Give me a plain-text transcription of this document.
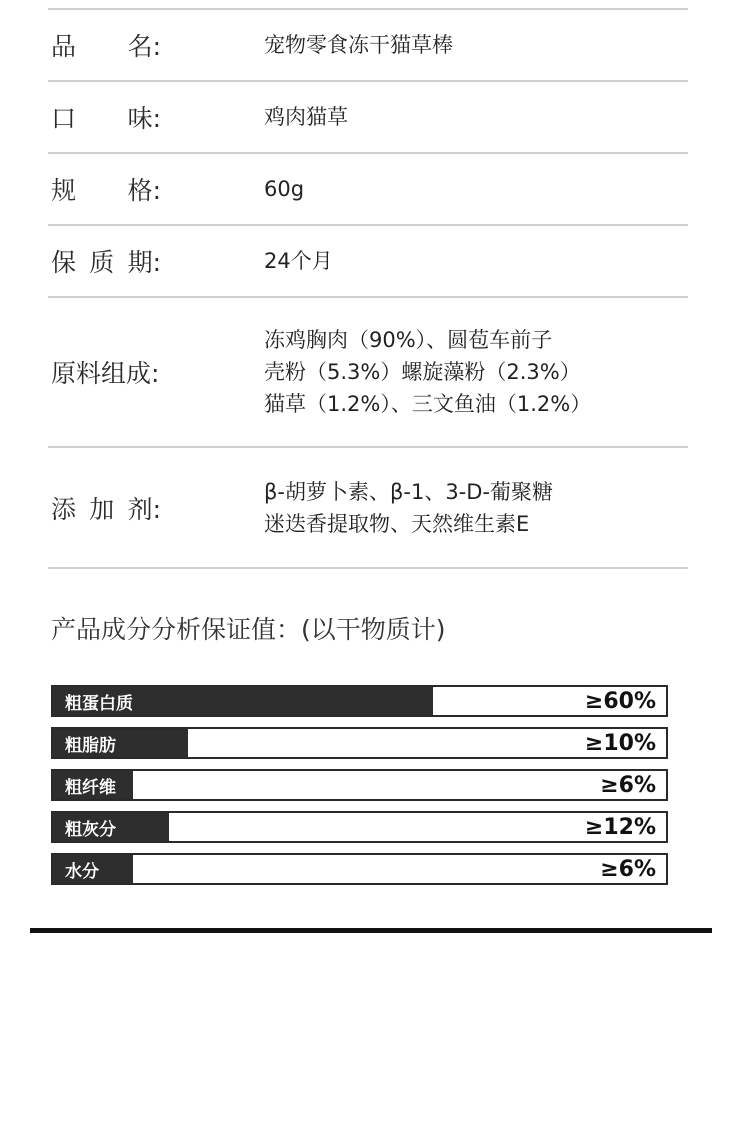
品 名:	宠物零食冻干猫草棒
口 味:	鸡肉猫草
规 格:	60g
保 质 期:	24个月
原料组成:
冻鸡胸肉（90%）、圆苞车前子
壳粉（5.3%）螺旋藻粉（2.3%）
猫草（1.2%）、三文鱼油（1.2%）
添 加 剂:
β-胡萝卜素、β-1、3-D-葡聚糖
迷迭香提取物、天然维生素E
产品成分分析保证值：(以干物质计)
粗蛋白质	≥60%
粗脂肪	≥10%
粗纤维	≥6%
粗灰分	≥12%
水分	≥6%
